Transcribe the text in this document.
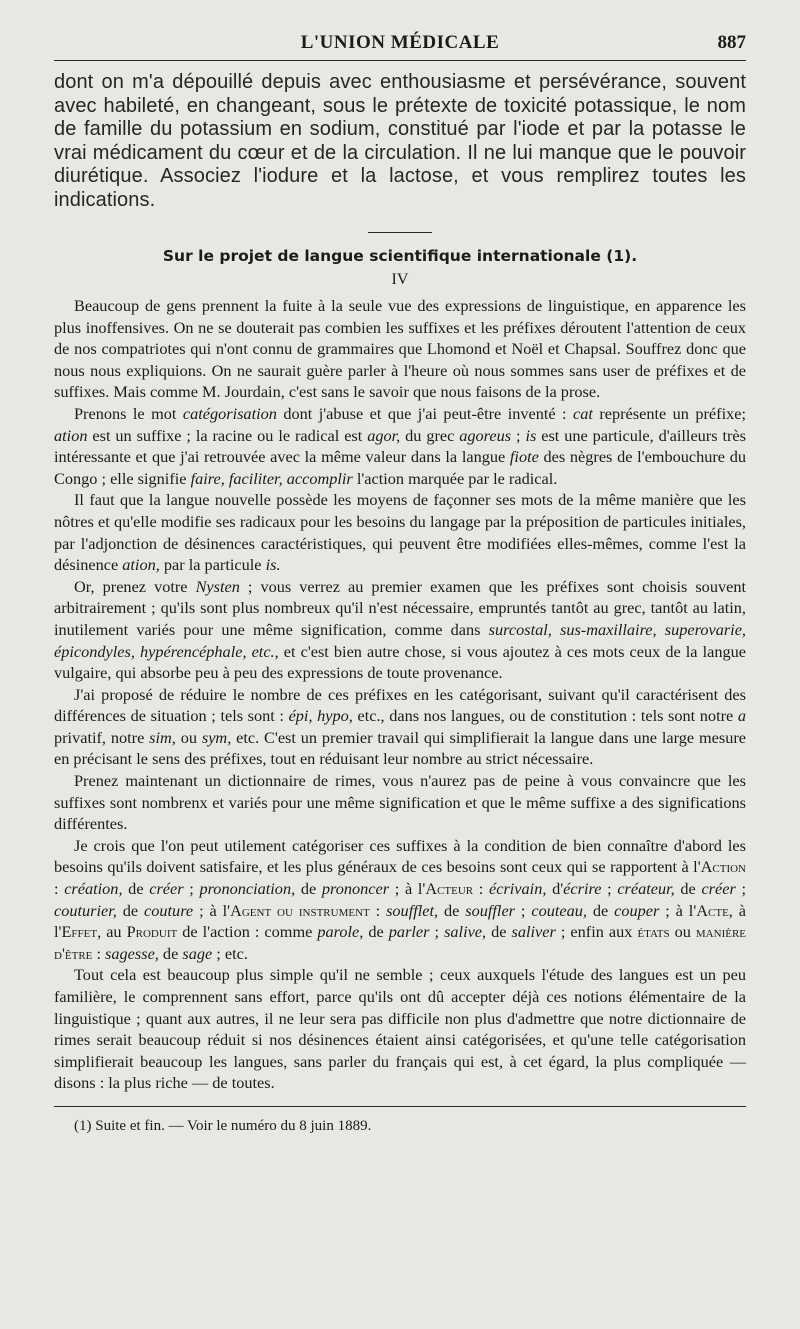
L'UNION MÉDICALE	887

dont on m'a dépouillé depuis avec enthousiasme et persévérance, souvent avec habileté, en changeant, sous le prétexte de toxicité potassique, le nom de famille du potassium en sodium, constitué par l'iode et par la potasse le vrai médicament du cœur et de la circulation. Il ne lui manque que le pouvoir diurétique. Associez l'iodure et la lactose, et vous remplirez toutes les indications.

Sur le projet de langue scientifique internationale (1).
IV

Beaucoup de gens prennent la fuite à la seule vue des expressions de linguistique, en apparence les plus inoffensives. On ne se douterait pas combien les suffixes et les préfixes déroutent l'attention de ceux de nos compatriotes qui n'ont connu de grammaires que Lhomond et Noël et Chapsal. Souffrez donc que nous nous expliquions. On ne saurait guère parler à l'heure où nous sommes sans user de préfixes et de suffixes. Mais comme M. Jourdain, c'est sans le savoir que nous faisons de la prose.

Prenons le mot catégorisation dont j'abuse et que j'ai peut-être inventé : cat représente un préfixe; ation est un suffixe ; la racine ou le radical est agor, du grec agoreus ; is est une particule, d'ailleurs très intéressante et que j'ai retrouvée avec la même valeur dans la langue fiote des nègres de l'embouchure du Congo ; elle signifie faire, faciliter, accomplir l'action marquée par le radical.

Il faut que la langue nouvelle possède les moyens de façonner ses mots de la même manière que les nôtres et qu'elle modifie ses radicaux pour les besoins du langage par la préposition de particules initiales, par l'adjonction de désinences caractéristiques, qui peuvent être modifiées elles-mêmes, comme l'est la désinence ation, par la particule is.

Or, prenez votre Nysten ; vous verrez au premier examen que les préfixes sont choisis souvent arbitrairement ; qu'ils sont plus nombreux qu'il n'est nécessaire, empruntés tantôt au grec, tantôt au latin, inutilement variés pour une même signification, comme dans surcostal, sus-maxillaire, superovarie, épicondyles, hypérencéphale, etc., et c'est bien autre chose, si vous ajoutez à ces mots ceux de la langue vulgaire, qui absorbe peu à peu des expressions de toute provenance.

J'ai proposé de réduire le nombre de ces préfixes en les catégorisant, suivant qu'il caractérisent des différences de situation ; tels sont : épi, hypo, etc., dans nos langues, ou de constitution : tels sont notre a privatif, notre sim, ou sym, etc. C'est un premier travail qui simplifierait la langue dans une large mesure en précisant le sens des préfixes, tout en réduisant leur nombre au strict nécessaire.

Prenez maintenant un dictionnaire de rimes, vous n'aurez pas de peine à vous convaincre que les suffixes sont nombrenx et variés pour une même signification et que le même suffixe a des significations différentes.

Je crois que l'on peut utilement catégoriser ces suffixes à la condition de bien connaître d'abord les besoins qu'ils doivent satisfaire, et les plus généraux de ces besoins sont ceux qui se rapportent à l'Action : création, de créer ; prononciation, de prononcer ; à l'Acteur : écrivain, d'écrire ; créateur, de créer ; couturier, de couture ; à l'Agent ou instrument : soufflet, de souffler ; couteau, de couper ; à l'Acte, à l'Effet, au Produit de l'action : comme parole, de parler ; salive, de saliver ; enfin aux états ou manière d'être : sagesse, de sage ; etc.

Tout cela est beaucoup plus simple qu'il ne semble ; ceux auxquels l'étude des langues est un peu familière, le comprennent sans effort, parce qu'ils ont dû accepter déjà ces notions élémentaire de la linguistique ; quant aux autres, il ne leur sera pas difficile non plus d'admettre que notre dictionnaire de rimes serait beaucoup réduit si nos désinences étaient ainsi catégorisées, et qu'une telle catégorisation simplifierait beaucoup les langues, sans parler du français qui est, à cet égard, la plus compliquée — disons : la plus riche — de toutes.

(1) Suite et fin. — Voir le numéro du 8 juin 1889.
